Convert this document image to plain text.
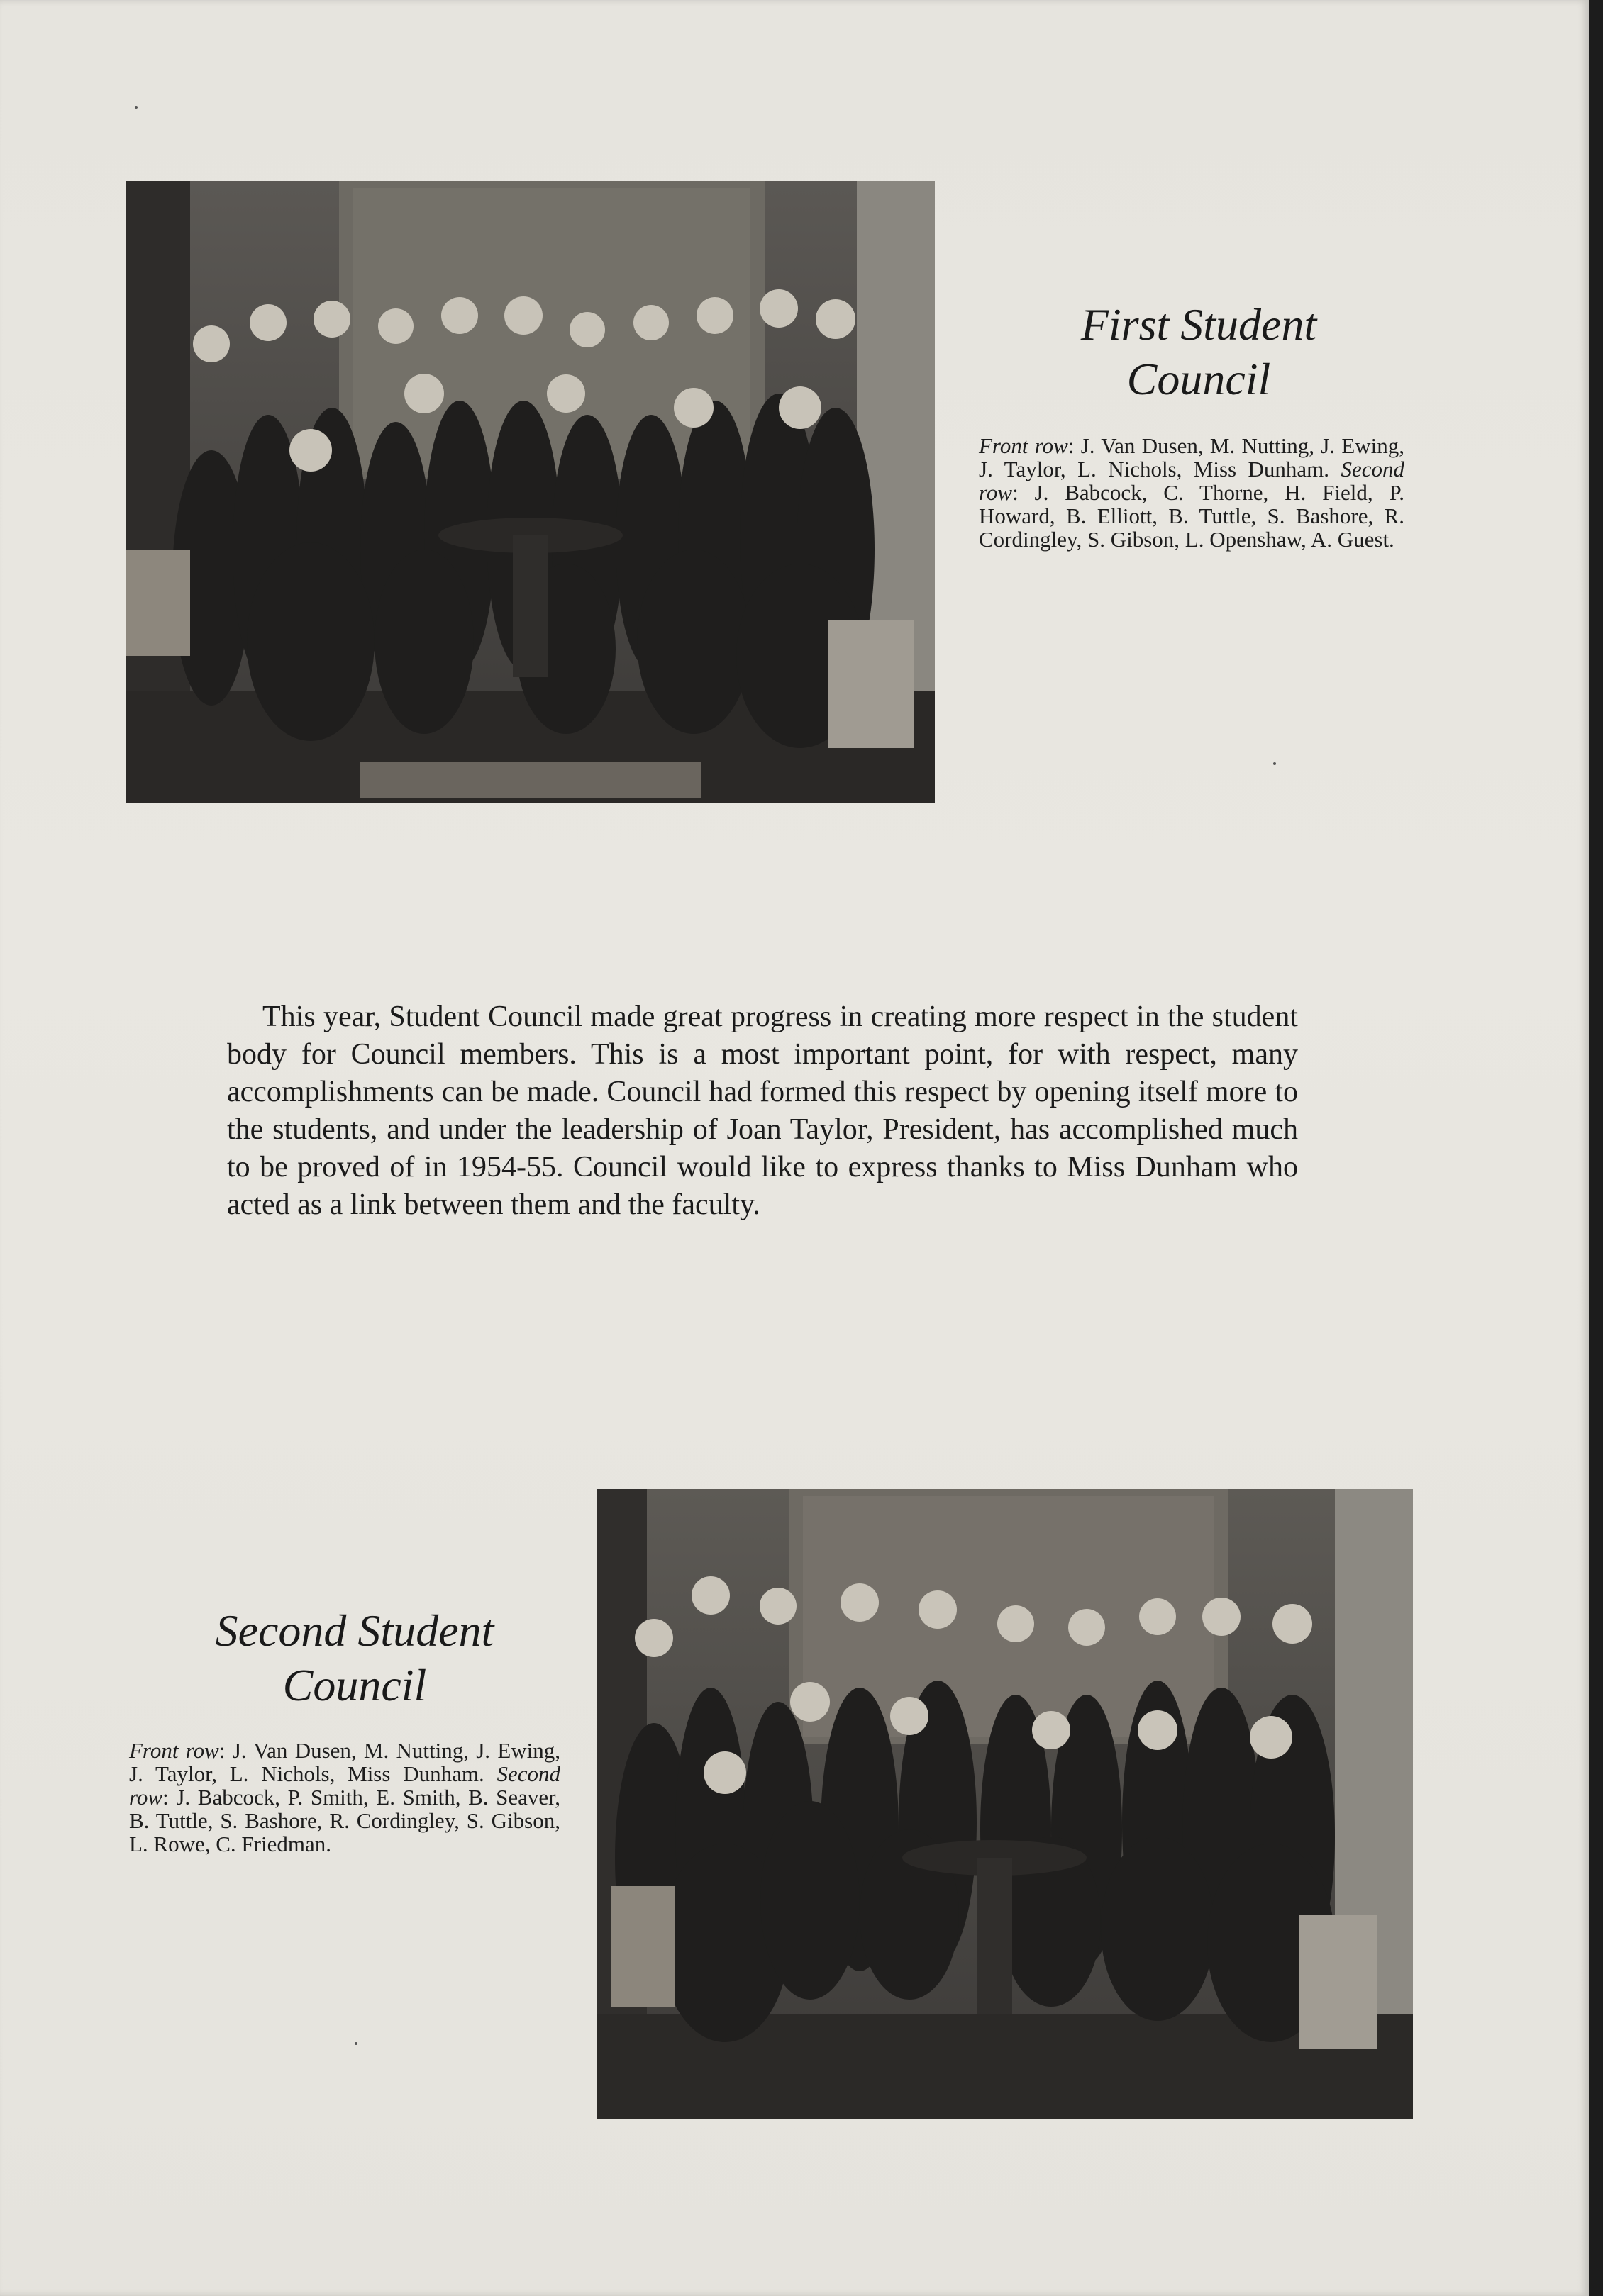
First Student
Council

Front row: J. Van Dusen, M. Nutting, J. Ewing, J. Taylor, L. Nichols, Miss Dunham. Second row: J. Babcock, C. Thorne, H. Field, P. Howard, B. Elliott, B. Tuttle, S. Bashore, R. Cordingley, S. Gibson, L. Openshaw, A. Guest.

This year, Student Council made great progress in creating more respect in the student body for Council members. This is a most important point, for with respect, many accomplishments can be made. Council had formed this respect by opening itself more to the students, and under the leadership of Joan Taylor, President, has accomplished much to be proved of in 1954-55. Council would like to express thanks to Miss Dunham who acted as a link between them and the faculty.

Second Student
Council

Front row: J. Van Dusen, M. Nutting, J. Ewing, J. Taylor, L. Nichols, Miss Dunham. Second row: J. Babcock, P. Smith, E. Smith, B. Seaver, B. Tuttle, S. Bashore, R. Cordingley, S. Gibson, L. Rowe, C. Friedman.
